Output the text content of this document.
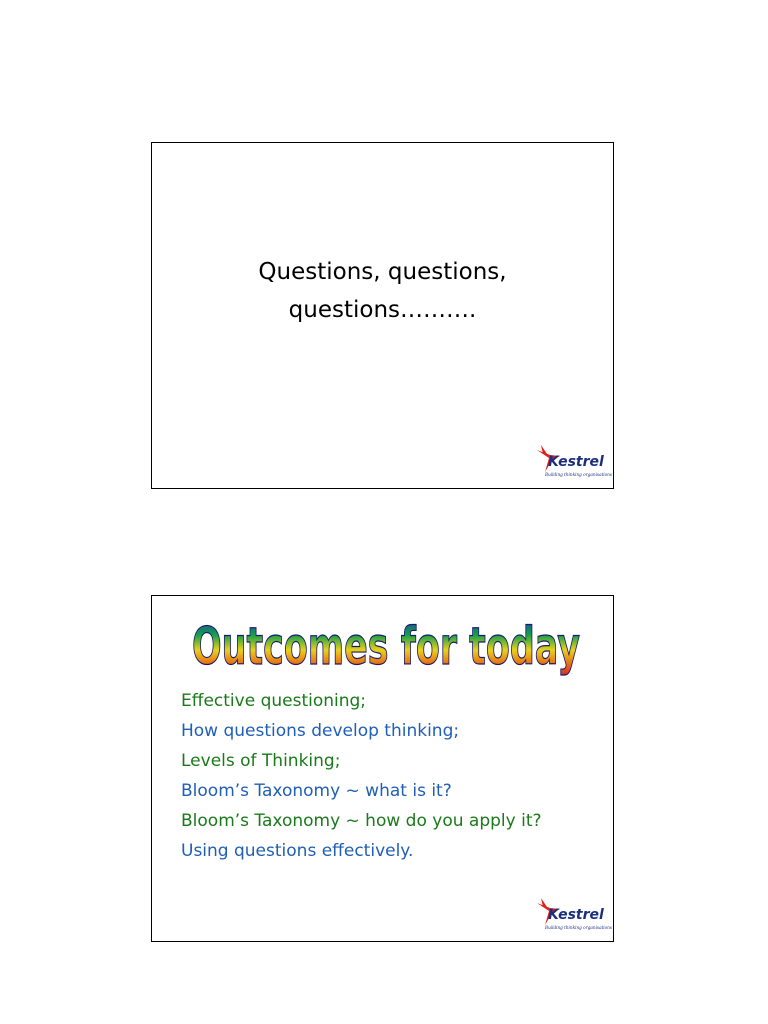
Questions, questions,
questions……….
Kestrel
Building thinking organisations
Outcomes for today
Effective questioning;
How questions develop thinking;
Levels of Thinking;
Bloom’s Taxonomy ~ what is it?
Bloom’s Taxonomy ~ how do you apply it?
Using questions effectively.
Kestrel
Building thinking organisations
